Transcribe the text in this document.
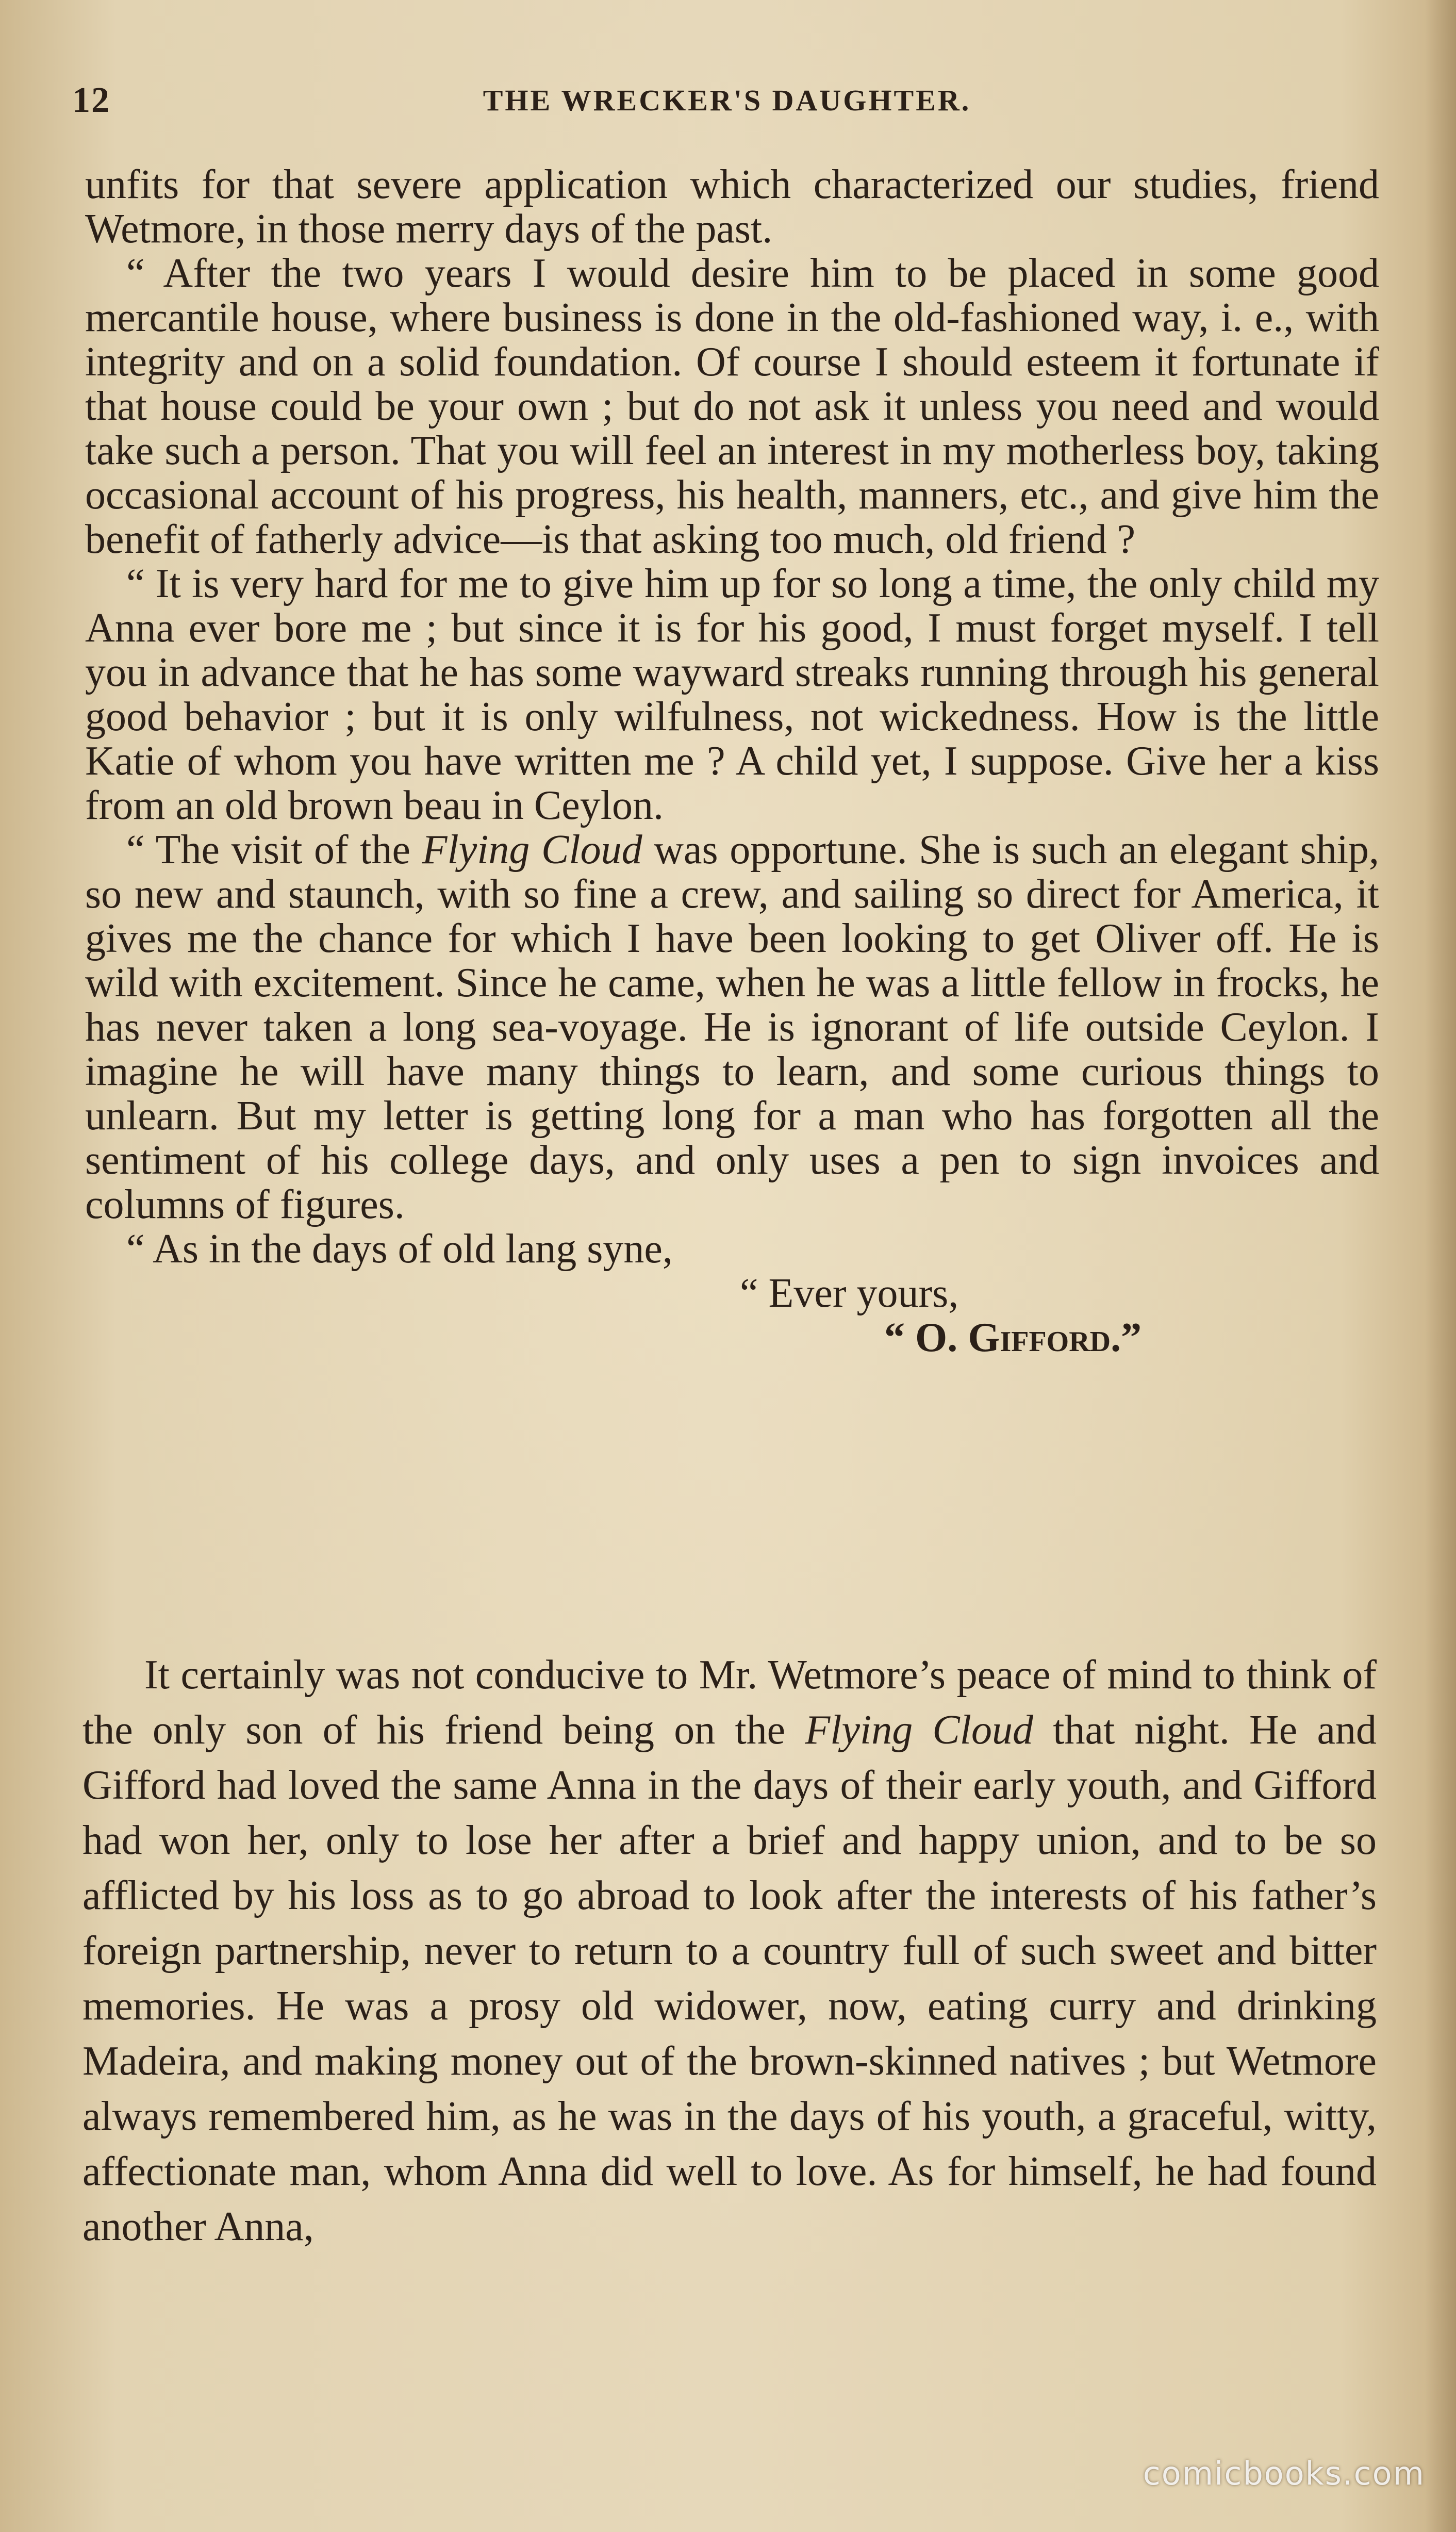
12	THE WRECKER'S DAUGHTER.

unfits for that severe application which characterized our studies, friend Wetmore, in those merry days of the past.

“ After the two years I would desire him to be placed in some good mercantile house, where business is done in the old-fashioned way, i. e., with integrity and on a solid foundation. Of course I should esteem it fortunate if that house could be your own ; but do not ask it unless you need and would take such a person. That you will feel an interest in my motherless boy, taking occasional account of his progress, his health, manners, etc., and give him the benefit of fatherly advice—is that asking too much, old friend ?

“ It is very hard for me to give him up for so long a time, the only child my Anna ever bore me ; but since it is for his good, I must forget myself. I tell you in advance that he has some wayward streaks running through his general good behavior ; but it is only wilfulness, not wickedness. How is the little Katie of whom you have written me ? A child yet, I suppose. Give her a kiss from an old brown beau in Ceylon.

“ The visit of the Flying Cloud was opportune. She is such an elegant ship, so new and staunch, with so fine a crew, and sailing so direct for America, it gives me the chance for which I have been looking to get Oliver off. He is wild with excitement. Since he came, when he was a little fellow in frocks, he has never taken a long sea-voyage. He is ignorant of life outside Ceylon. I imagine he will have many things to learn, and some curious things to unlearn. But my letter is getting long for a man who has forgotten all the sentiment of his college days, and only uses a pen to sign invoices and columns of figures.

“ As in the days of old lang syne,

“ Ever yours,

“ O. Gifford.”

It certainly was not conducive to Mr. Wetmore’s peace of mind to think of the only son of his friend being on the Flying Cloud that night. He and Gifford had loved the same Anna in the days of their early youth, and Gifford had won her, only to lose her after a brief and happy union, and to be so afflicted by his loss as to go abroad to look after the interests of his father’s foreign partnership, never to return to a country full of such sweet and bitter memories. He was a prosy old widower, now, eating curry and drinking Madeira, and making money out of the brown-skinned natives ; but Wetmore always remembered him, as he was in the days of his youth, a graceful, witty, affectionate man, whom Anna did well to love. As for himself, he had found another Anna,

comicbooks.com
